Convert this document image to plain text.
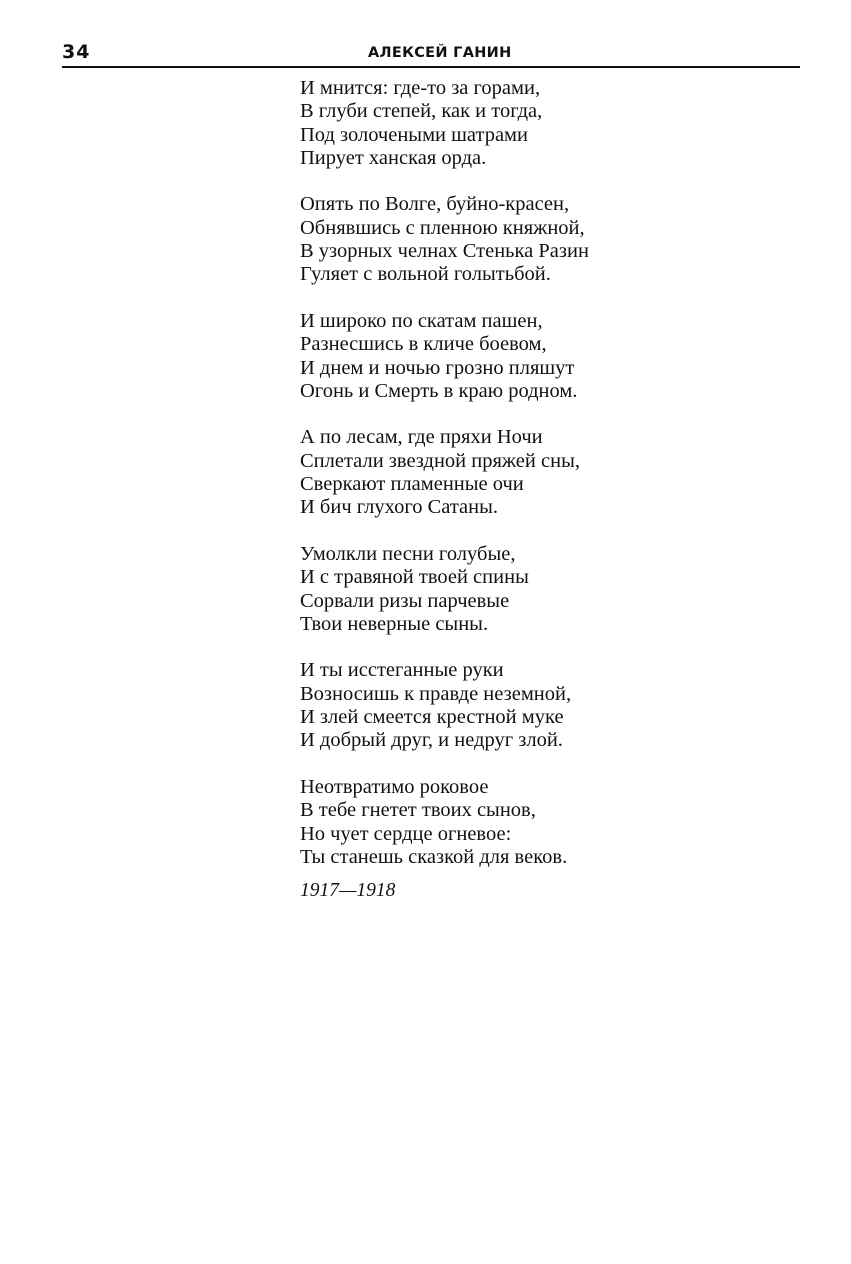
34	АЛЕКСЕЙ ГАНИН
И мнится: где-то за горами,
В глуби степей, как и тогда,
Под золочеными шатрами
Пирует ханская орда.
Опять по Волге, буйно-красен,
Обнявшись с пленною княжной,
В узорных челнах Стенька Разин
Гуляет с вольной голытьбой.
И широко по скатам пашен,
Разнесшись в кличе боевом,
И днем и ночью грозно пляшут
Огонь и Смерть в краю родном.
А по лесам, где пряхи Ночи
Сплетали звездной пряжей сны,
Сверкают пламенные очи
И бич глухого Сатаны.
Умолкли песни голубые,
И с травяной твоей спины
Сорвали ризы парчевые
Твои неверные сыны.
И ты исстеганные руки
Возносишь к правде неземной,
И злей смеется крестной муке
И добрый друг, и недруг злой.
Неотвратимо роковое
В тебе гнетет твоих сынов,
Но чует сердце огневое:
Ты станешь сказкой для веков.
1917—1918
